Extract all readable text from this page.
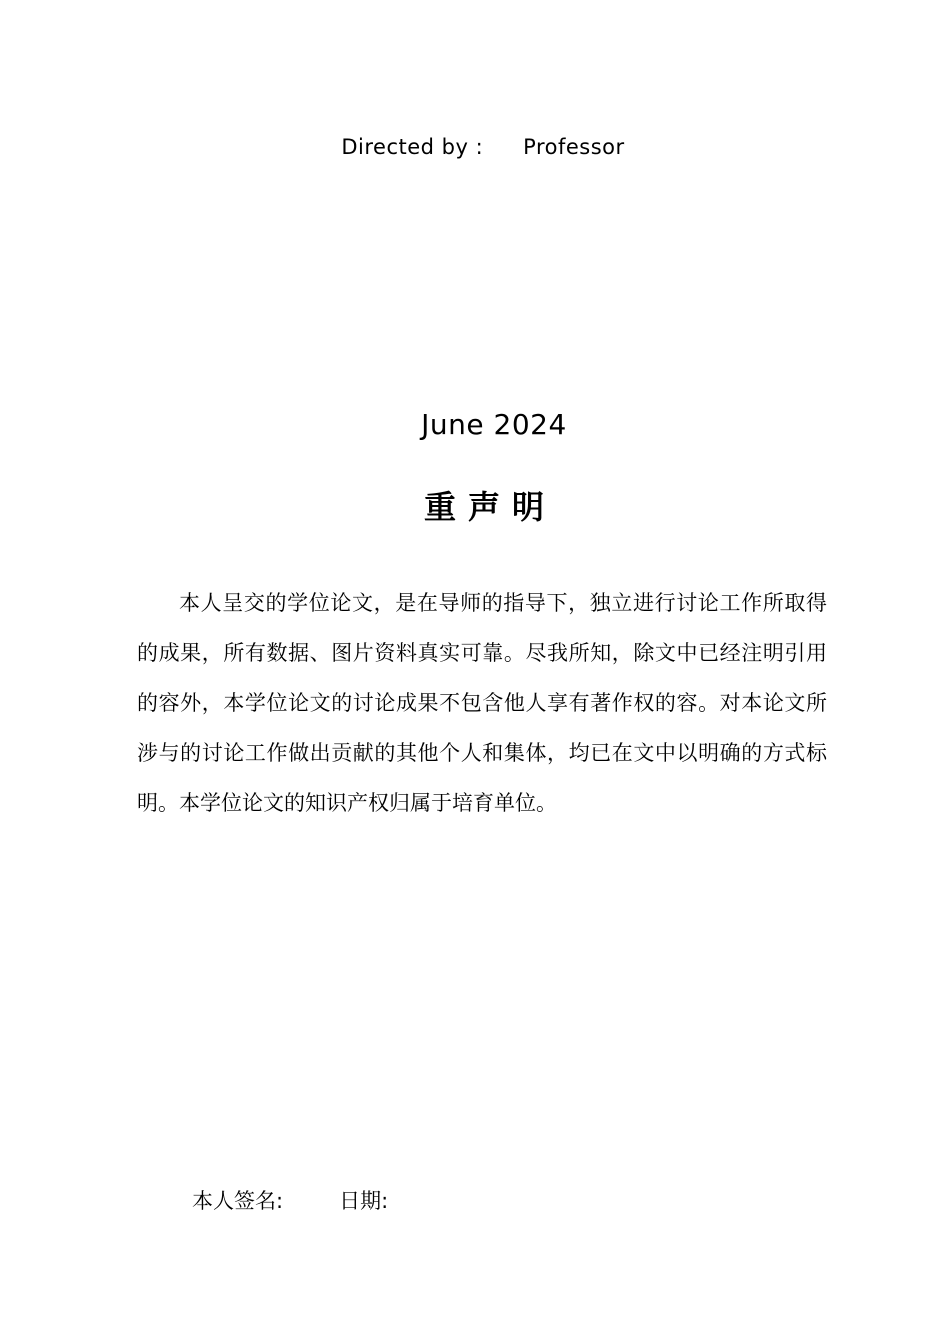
Directed by : Professor
June 2024
重声明

本人呈交的学位论文，是在导师的指导下，独立进行讨论工作所取得的成果，所有数据、图片资料真实可靠。尽我所知，除文中已经注明引用的容外，本学位论文的讨论成果不包含他人享有著作权的容。对本论文所涉与的讨论工作做出贡献的其他个人和集体，均已在文中以明确的方式标明。本学位论文的知识产权归属于培育单位。

本人签名:	日期:
